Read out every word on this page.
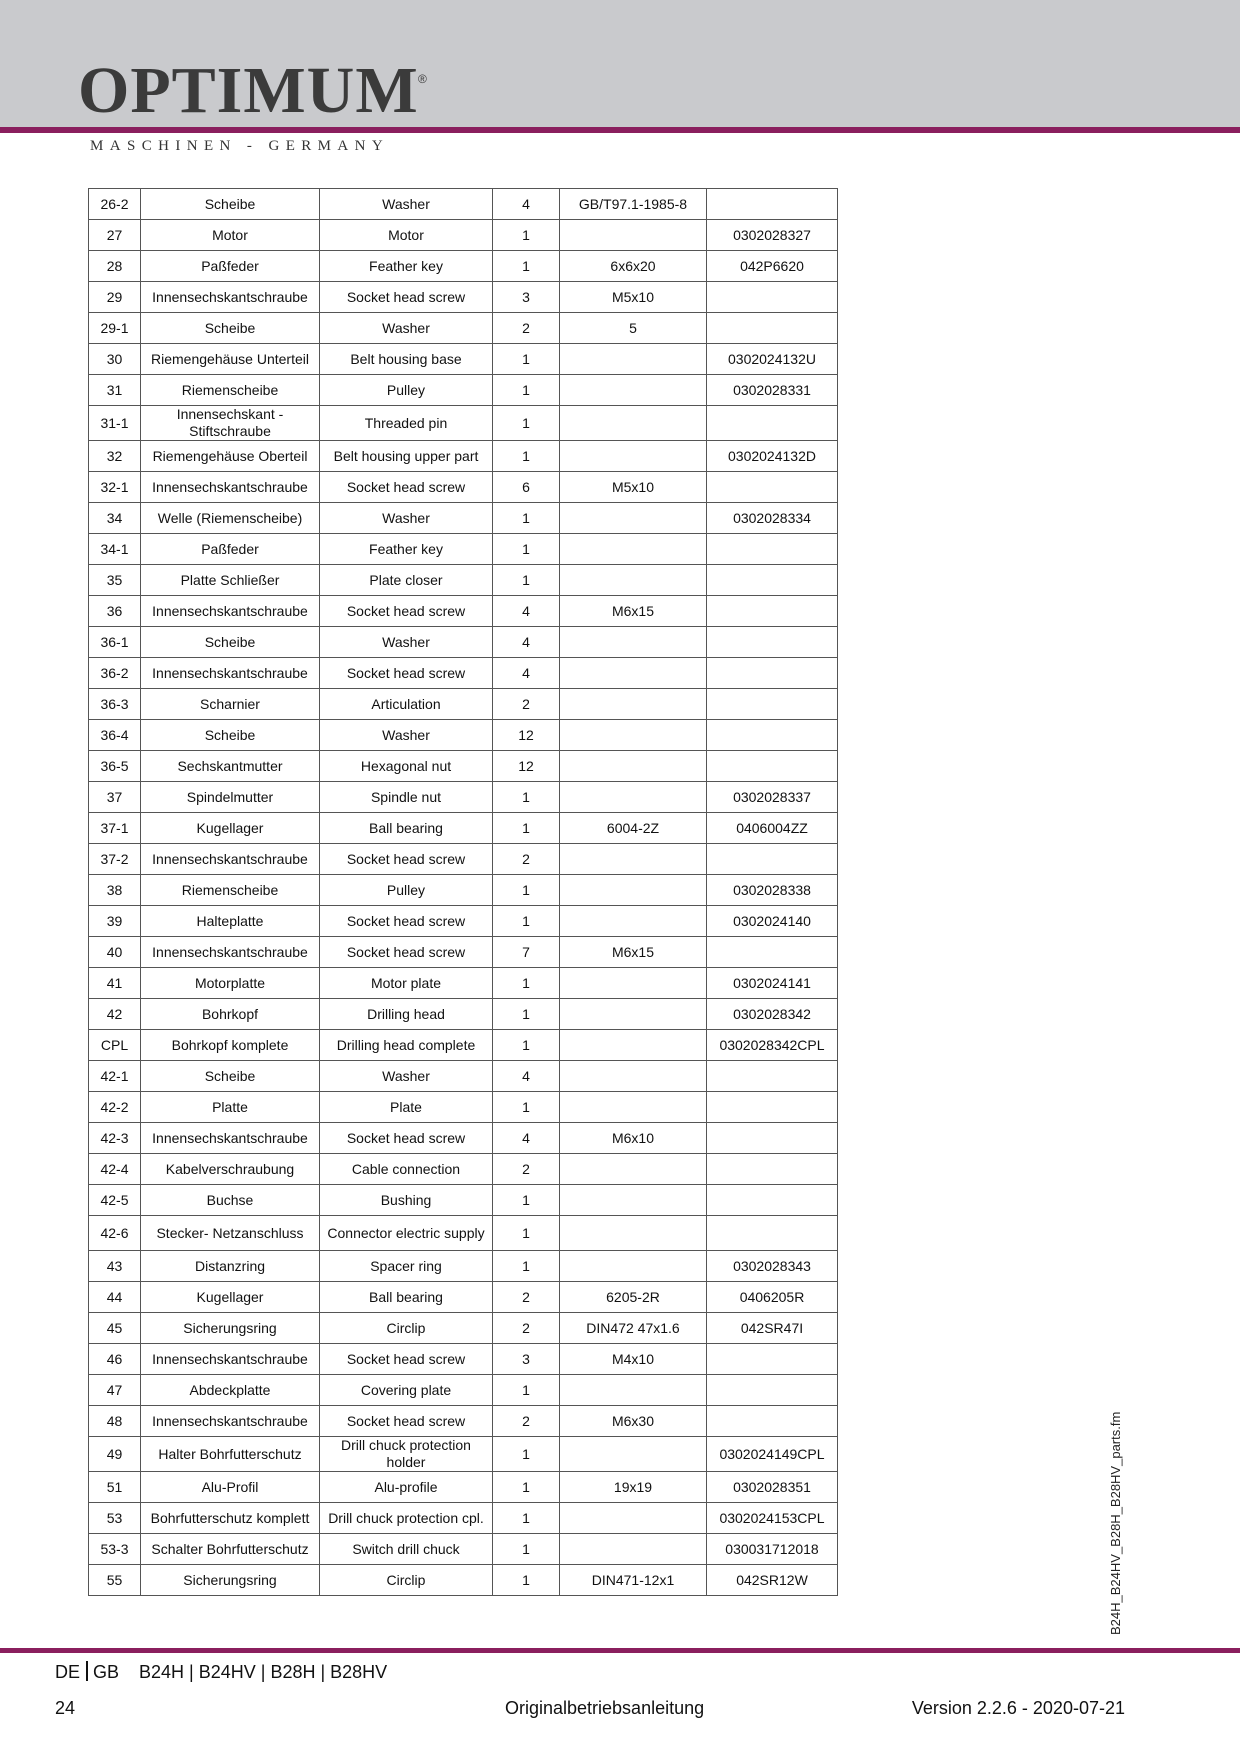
OPTIMUM ®
MASCHINEN - GERMANY
26-2	Scheibe	Washer	4	GB/T97.1-1985-8	
27	Motor	Motor	1		0302028327
28	Paßfeder	Feather key	1	6x6x20	042P6620
29	Innensechskantschraube	Socket head screw	3	M5x10	
29-1	Scheibe	Washer	2	5	
30	Riemengehäuse Unterteil	Belt housing base	1		0302024132U
31	Riemenscheibe	Pulley	1		0302028331
31-1	Innensechskant - Stiftschraube	Threaded pin	1		
32	Riemengehäuse Oberteil	Belt housing upper part	1		0302024132D
32-1	Innensechskantschraube	Socket head screw	6	M5x10	
34	Welle (Riemenscheibe)	Washer	1		0302028334
34-1	Paßfeder	Feather key	1		
35	Platte Schließer	Plate closer	1		
36	Innensechskantschraube	Socket head screw	4	M6x15	
36-1	Scheibe	Washer	4		
36-2	Innensechskantschraube	Socket head screw	4		
36-3	Scharnier	Articulation	2		
36-4	Scheibe	Washer	12		
36-5	Sechskantmutter	Hexagonal nut	12		
37	Spindelmutter	Spindle nut	1		0302028337
37-1	Kugellager	Ball bearing	1	6004-2Z	0406004ZZ
37-2	Innensechskantschraube	Socket head screw	2		
38	Riemenscheibe	Pulley	1		0302028338
39	Halteplatte	Socket head screw	1		0302024140
40	Innensechskantschraube	Socket head screw	7	M6x15	
41	Motorplatte	Motor plate	1		0302024141
42	Bohrkopf	Drilling head	1		0302028342
CPL	Bohrkopf komplete	Drilling head complete	1		0302028342CPL
42-1	Scheibe	Washer	4		
42-2	Platte	Plate	1		
42-3	Innensechskantschraube	Socket head screw	4	M6x10	
42-4	Kabelverschraubung	Cable connection	2		
42-5	Buchse	Bushing	1		
42-6	Stecker- Netzanschluss	Connector electric supply	1		
43	Distanzring	Spacer ring	1		0302028343
44	Kugellager	Ball bearing	2	6205-2R	0406205R
45	Sicherungsring	Circlip	2	DIN472 47x1.6	042SR47I
46	Innensechskantschraube	Socket head screw	3	M4x10	
47	Abdeckplatte	Covering plate	1		
48	Innensechskantschraube	Socket head screw	2	M6x30	
49	Halter Bohrfutterschutz	Drill chuck protection holder	1		0302024149CPL
51	Alu-Profil	Alu-profile	1	19x19	0302028351
53	Bohrfutterschutz komplett	Drill chuck protection cpl.	1		0302024153CPL
53-3	Schalter Bohrfutterschutz	Switch drill chuck	1		030031712018
55	Sicherungsring	Circlip	1	DIN471-12x1	042SR12W	B24H_B24HV_B28H_B28HV_parts.fm
DE GB B24H | B24HV | B28H | B28HV
24	Originalbetriebsanleitung	Version 2.2.6 - 2020-07-21
